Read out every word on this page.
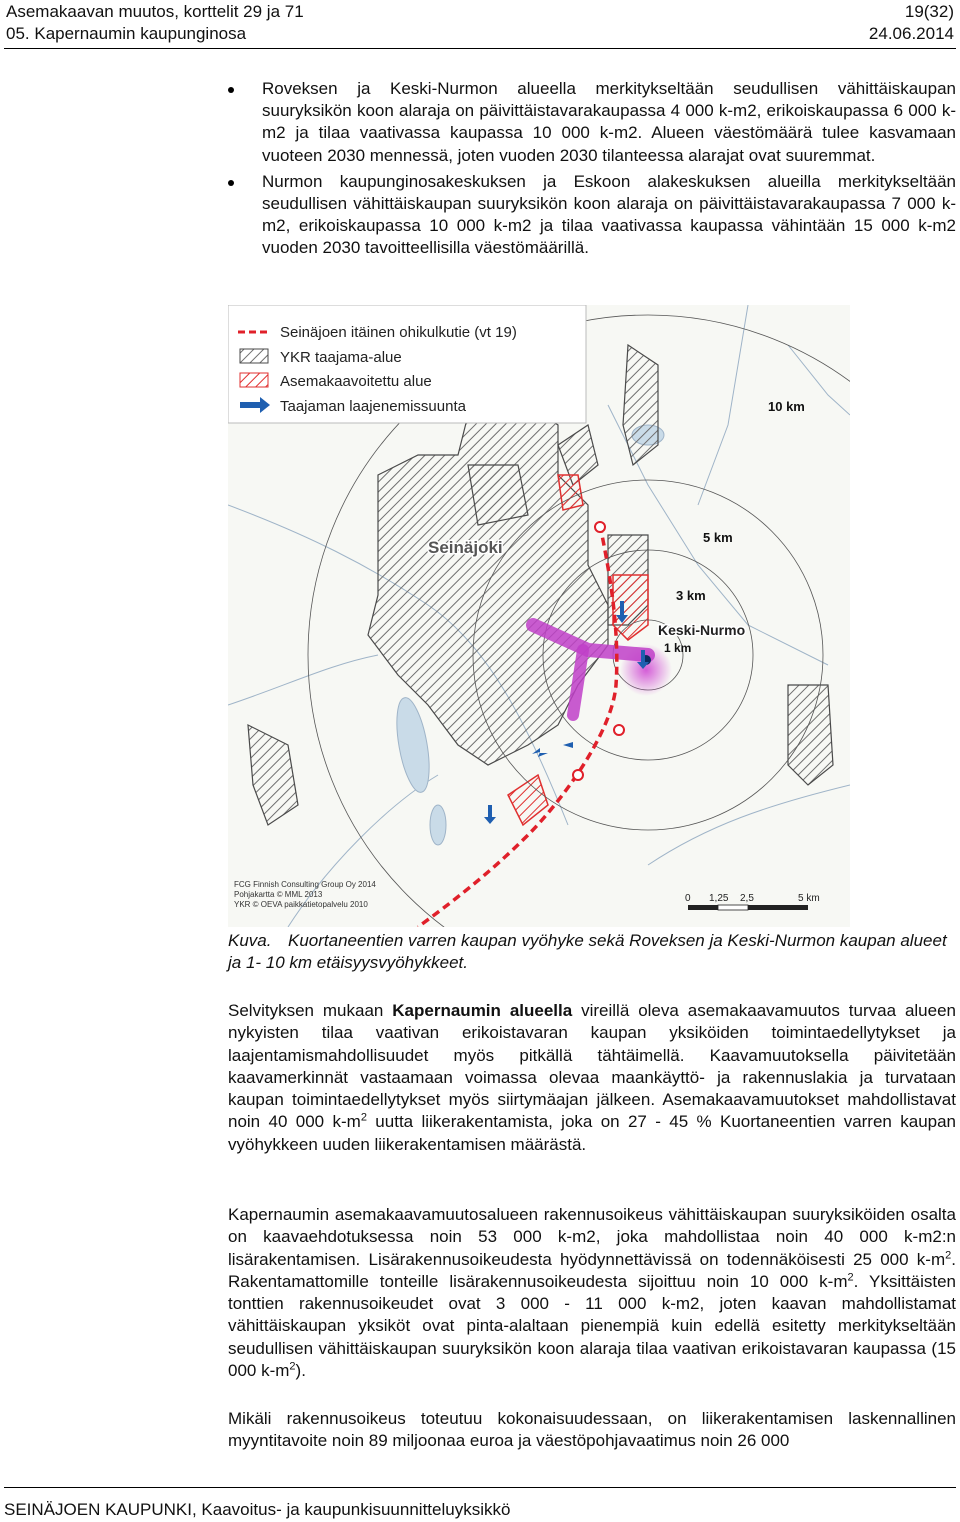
Asemakaavan muutos, korttelit 29 ja 71	19(32)
05. Kapernaumin kaupunginosa	24.06.2014
Roveksen ja Keski-Nurmon alueella merkitykseltään seudullisen vähittäiskaupan suuryksikön koon alaraja on päivittäistavarakaupassa 4 000 k-m2, erikoiskaupassa 6 000 k-m2 ja tilaa vaativassa kaupassa 10 000 k-m2. Alueen väestömäärä tulee kasvamaan vuoteen 2030 mennessä, joten vuoden 2030 tilanteessa alarajat ovat suuremmat.
Nurmon kaupunginosakeskuksen ja Eskoon alakeskuksen alueilla merkitykseltään seudullisen vähittäiskaupan suuryksikön koon alaraja on päivittäistavarakaupassa 7 000 k-m2, erikoiskaupassa 10 000 k-m2 ja tilaa vaativassa kaupassa vähintään 15 000 k-m2 vuoden 2030 tavoitteellisilla väestömäärillä.
Seinäjoki
Keski-Nurmo
1 km
3 km
5 km
10 km
Seinäjoen itäinen ohikulkutie (vt 19)
YKR taajama-alue
Asemakaavoitettu alue
Taajaman laajenemissuunta
FCG Finnish Consulting Group Oy 2014
Pohjakartta © MML 2013
YKR © OEVA paikkatietopalvelu 2010
0 1,25 2,5	5 km
Kuva. Kuortaneentien varren kaupan vyöhyke sekä Roveksen ja Keski-Nurmon kaupan alueet ja 1- 10 km etäisyysvyöhykkeet.

Selvityksen mukaan Kapernaumin alueella vireillä oleva asemakaavamuutos turvaa alueen nykyisten tilaa vaativan erikoistavaran kaupan yksiköiden toimintaedellytykset ja laajentamismahdollisuudet myös pitkällä tähtäimellä. Kaavamuutoksella päivitetään kaavamerkinnät vastaamaan voimassa olevaa maankäyttö- ja rakennuslakia ja turvataan kaupan toimintaedellytykset myös siirtymäajan jälkeen. Asemakaavamuutokset mahdollistavat noin 40 000 $k-m^2$ uutta liikerakentamista, joka on 27 - 45 % Kuortaneentien varren kaupan vyöhykkeen uuden liikerakentamisen määrästä.

Kapernaumin asemakaavamuutosalueen rakennusoikeus vähittäiskaupan suuryksiköiden osalta on kaavaehdotuksessa noin 53 000 k-m2, joka mahdollistaa noin 40 000 k-m2:n lisärakentamisen. Lisärakennusoikeudesta hyödynnettävissä on todennäköisesti 25 000 $k-m^2$. Rakentamattomille tonteille lisärakennusoikeudesta sijoittuu noin 10 000 $k-m^2$. Yksittäisten tonttien rakennusoikeudet ovat 3 000 - 11 000 k-m2, joten kaavan mahdollistamat vähittäiskaupan yksiköt ovat pinta-alaltaan pienempiä kuin edellä esitetty merkitykseltään seudullisen vähittäiskaupan suuryksikön koon alaraja tilaa vaativan erikoistavaran kaupassa (15 000 $k-m^2$).

Mikäli rakennusoikeus toteutuu kokonaisuudessaan, on liikerakentamisen laskennallinen myyntitavoite noin 89 miljoonaa euroa ja väestöpohjavaatimus noin 26 000

SEINÄJOEN KAUPUNKI, Kaavoitus- ja kaupunkisuunnitteluyksikkö
